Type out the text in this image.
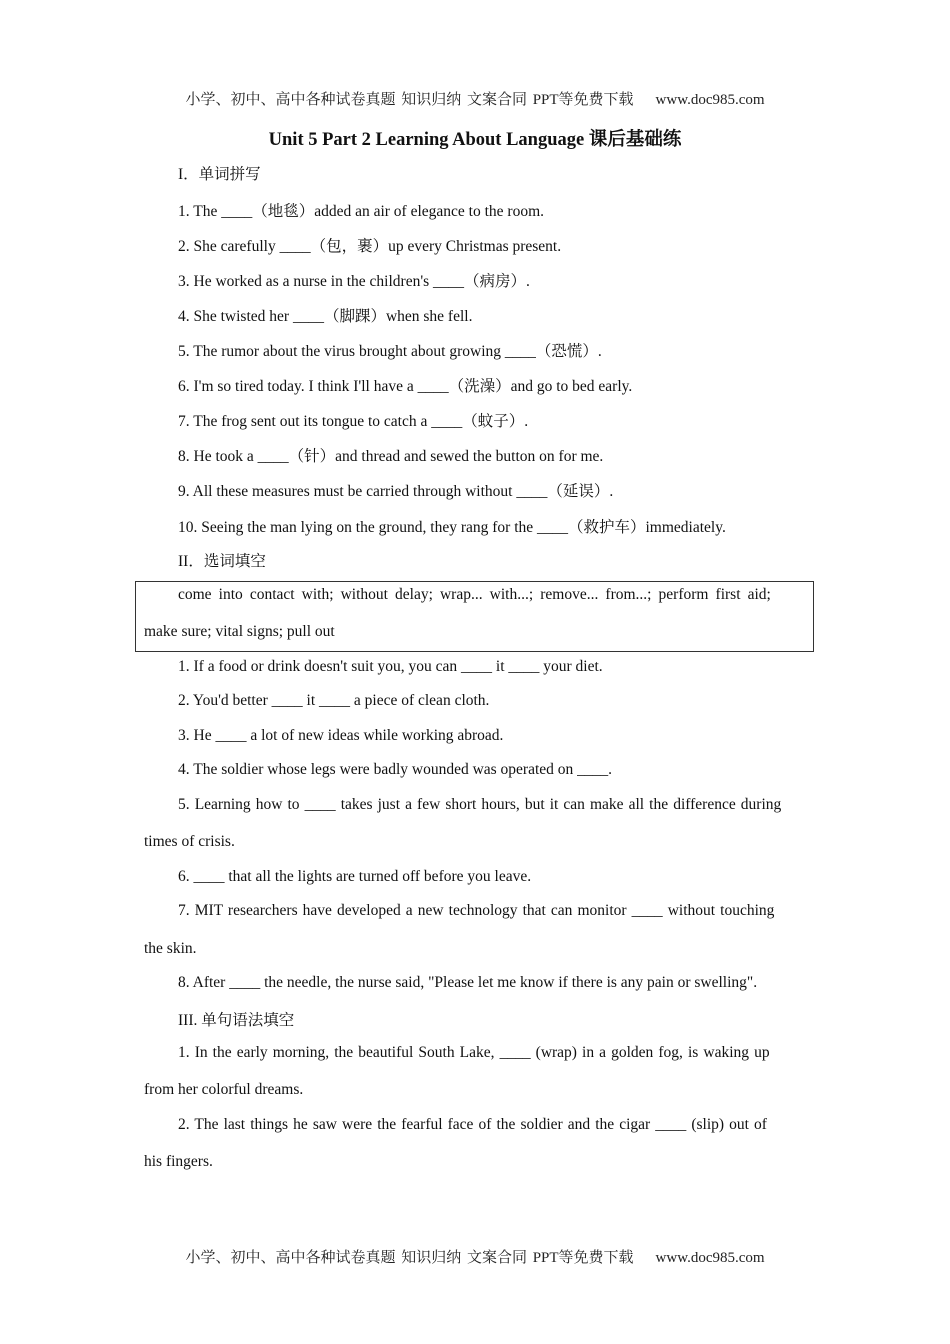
小学、初中、高中各种试卷真题 知识归纳 文案合同 PPT等免费下载 www.doc985.com
Unit 5 Part 2 Learning About Language 课后基础练
I．单词拼写
1. The ____（地毯）added an air of elegance to the room.
2. She carefully ____（包，裹）up every Christmas present.
3. He worked as a nurse in the children's ____（病房）.
4. She twisted her ____（脚踝）when she fell.
5. The rumor about the virus brought about growing ____（恐慌）.
6. I'm so tired today. I think I'll have a ____（洗澡）and go to bed early.
7. The frog sent out its tongue to catch a ____（蚊子）.
8. He took a ____（针）and thread and sewed the button on for me.
9. All these measures must be carried through without ____（延误）.
10. Seeing the man lying on the ground, they rang for the ____（救护车）immediately.
II．选词填空
come into contact with; without delay; wrap... with...; remove... from...; perform first aid;
make sure; vital signs; pull out
1. If a food or drink doesn't suit you, you can ____ it ____ your diet.
2. You'd better ____ it ____ a piece of clean cloth.
3. He ____ a lot of new ideas while working abroad.
4. The soldier whose legs were badly wounded was operated on ____.
5. Learning how to ____ takes just a few short hours, but it can make all the difference during
times of crisis.
6. ____ that all the lights are turned off before you leave.
7. MIT researchers have developed a new technology that can monitor ____ without touching
the skin.
8. After ____ the needle, the nurse said, "Please let me know if there is any pain or swelling".
III. 单句语法填空
1. In the early morning, the beautiful South Lake, ____ (wrap) in a golden fog, is waking up
from her colorful dreams.
2. The last things he saw were the fearful face of the soldier and the cigar ____ (slip) out of
his fingers.
小学、初中、高中各种试卷真题 知识归纳 文案合同 PPT等免费下载 www.doc985.com
